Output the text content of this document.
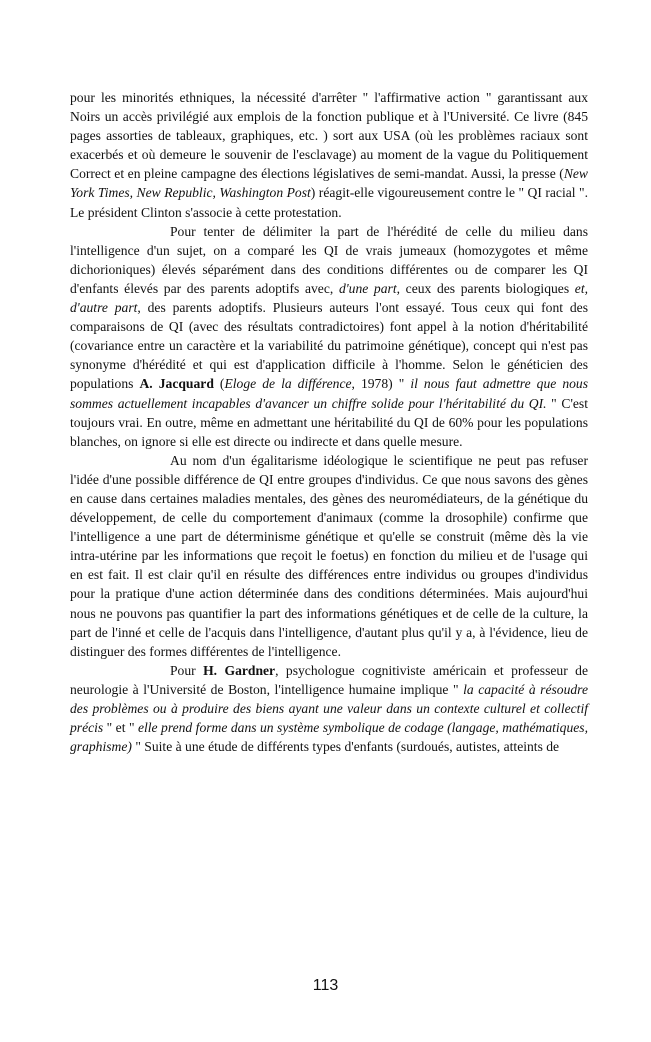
pour les minorités ethniques, la nécessité d'arrêter " l'affirmative action " garantissant aux Noirs un accès privilégié aux emplois de la fonction publique et à l'Université. Ce livre (845 pages assorties de tableaux, graphiques, etc. ) sort aux USA (où les problèmes raciaux sont exacerbés et où demeure le souvenir de l'esclavage) au moment de la vague du Politiquement Correct et en pleine campagne des élections législatives de semi-mandat. Aussi, la presse (New York Times, New Republic, Washington Post) réagit-elle vigoureusement contre le " QI racial ". Le président Clinton s'associe à cette protestation.

Pour tenter de délimiter la part de l'hérédité de celle du milieu dans l'intelligence d'un sujet, on a comparé les QI de vrais jumeaux (homozygotes et même dichorioniques) élevés séparément dans des conditions différentes ou de comparer les QI d'enfants élevés par des parents adoptifs avec, d'une part, ceux des parents biologiques et, d'autre part, des parents adoptifs. Plusieurs auteurs l'ont essayé. Tous ceux qui font des comparaisons de QI (avec des résultats contradictoires) font appel à la notion d'héritabilité (covariance entre un caractère et la variabilité du patrimoine génétique), concept qui n'est pas synonyme d'hérédité et qui est d'application difficile à l'homme. Selon le généticien des populations A. Jacquard (Eloge de la différence, 1978) " il nous faut admettre que nous sommes actuellement incapables d'avancer un chiffre solide pour l'héritabilité du QI. " C'est toujours vrai. En outre, même en admettant une héritabilité du QI de 60% pour les populations blanches, on ignore si elle est directe ou indirecte et dans quelle mesure.

Au nom d'un égalitarisme idéologique le scientifique ne peut pas refuser l'idée d'une possible différence de QI entre groupes d'individus. Ce que nous savons des gènes en cause dans certaines maladies mentales, des gènes des neuromédiateurs, de la génétique du développement, de celle du comportement d'animaux (comme la drosophile) confirme que l'intelligence a une part de déterminisme génétique et qu'elle se construit (même dès la vie intra-utérine par les informations que reçoit le foetus) en fonction du milieu et de l'usage qui en est fait. Il est clair qu'il en résulte des différences entre individus ou groupes d'individus pour la pratique d'une action déterminée dans des conditions déterminées. Mais aujourd'hui nous ne pouvons pas quantifier la part des informations génétiques et de celle de la culture, la part de l'inné et celle de l'acquis dans l'intelligence, d'autant plus qu'il y a, à l'évidence, lieu de distinguer des formes différentes de l'intelligence.

Pour H. Gardner, psychologue cognitiviste américain et professeur de neurologie à l'Université de Boston, l'intelligence humaine implique " la capacité à résoudre des problèmes ou à produire des biens ayant une valeur dans un contexte culturel et collectif précis " et " elle prend forme dans un système symbolique de codage (langage, mathématiques, graphisme) " Suite à une étude de différents types d'enfants (surdoués, autistes, atteints de

113
